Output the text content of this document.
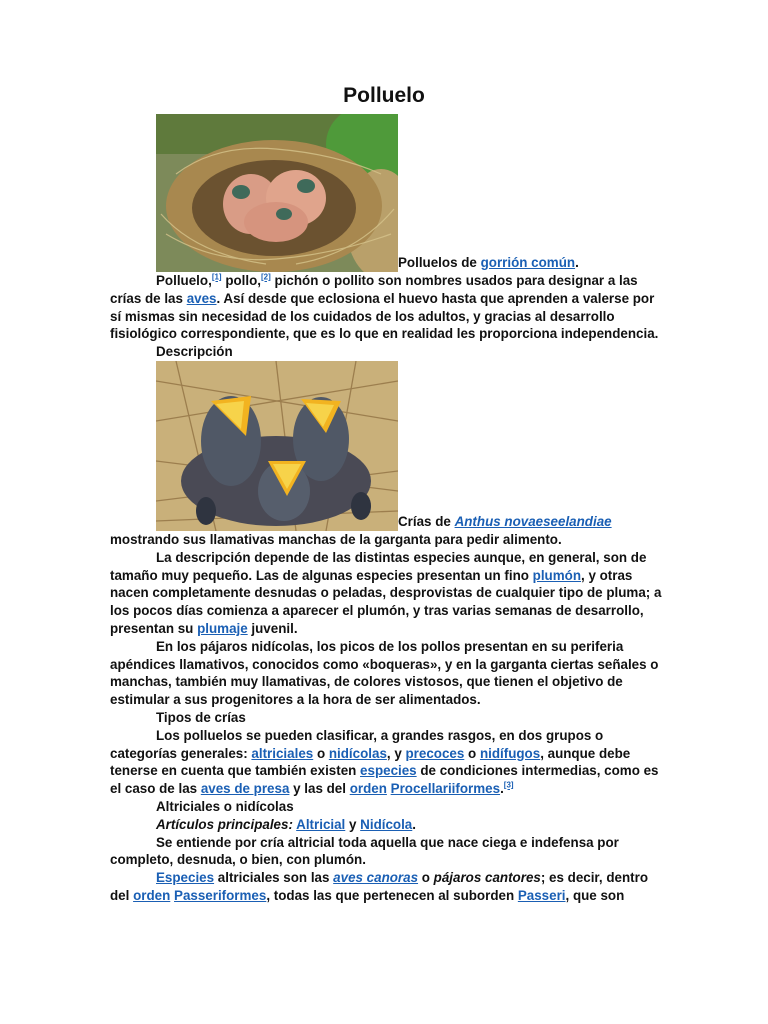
Polluelo

Polluelos de gorrión común.

Polluelo,[1] pollo,[2] pichón o pollito son nombres usados para designar a las crías de las aves. Así desde que eclosiona el huevo hasta que aprenden a valerse por sí mismas sin necesidad de los cuidados de los adultos, y gracias al desarrollo fisiológico correspondiente, que es lo que en realidad les proporciona independencia.

Descripción

Crías de Anthus novaeseelandiae mostrando sus llamativas manchas de la garganta para pedir alimento.

La descripción depende de las distintas especies aunque, en general, son de tamaño muy pequeño. Las de algunas especies presentan un fino plumón, y otras nacen completamente desnudas o peladas, desprovistas de cualquier tipo de pluma; a los pocos días comienza a aparecer el plumón, y tras varias semanas de desarrollo, presentan su plumaje juvenil.

En los pájaros nidícolas, los picos de los pollos presentan en su periferia apéndices llamativos, conocidos como «boqueras», y en la garganta ciertas señales o manchas, también muy llamativas, de colores vistosos, que tienen el objetivo de estimular a sus progenitores a la hora de ser alimentados.

Tipos de crías

Los polluelos se pueden clasificar, a grandes rasgos, en dos grupos o categorías generales: altriciales o nidícolas, y precoces o nidífugos, aunque debe tenerse en cuenta que también existen especies de condiciones intermedias, como es el caso de las aves de presa y las del orden Procellariiformes.[3]

Altriciales o nidícolas

Artículos principales: Altricial y Nidícola.

Se entiende por cría altricial toda aquella que nace ciega e indefensa por completo, desnuda, o bien, con plumón.

Especies altriciales son las aves canoras o pájaros cantores; es decir, dentro del orden Passeriformes, todas las que pertenecen al suborden Passeri, que son
